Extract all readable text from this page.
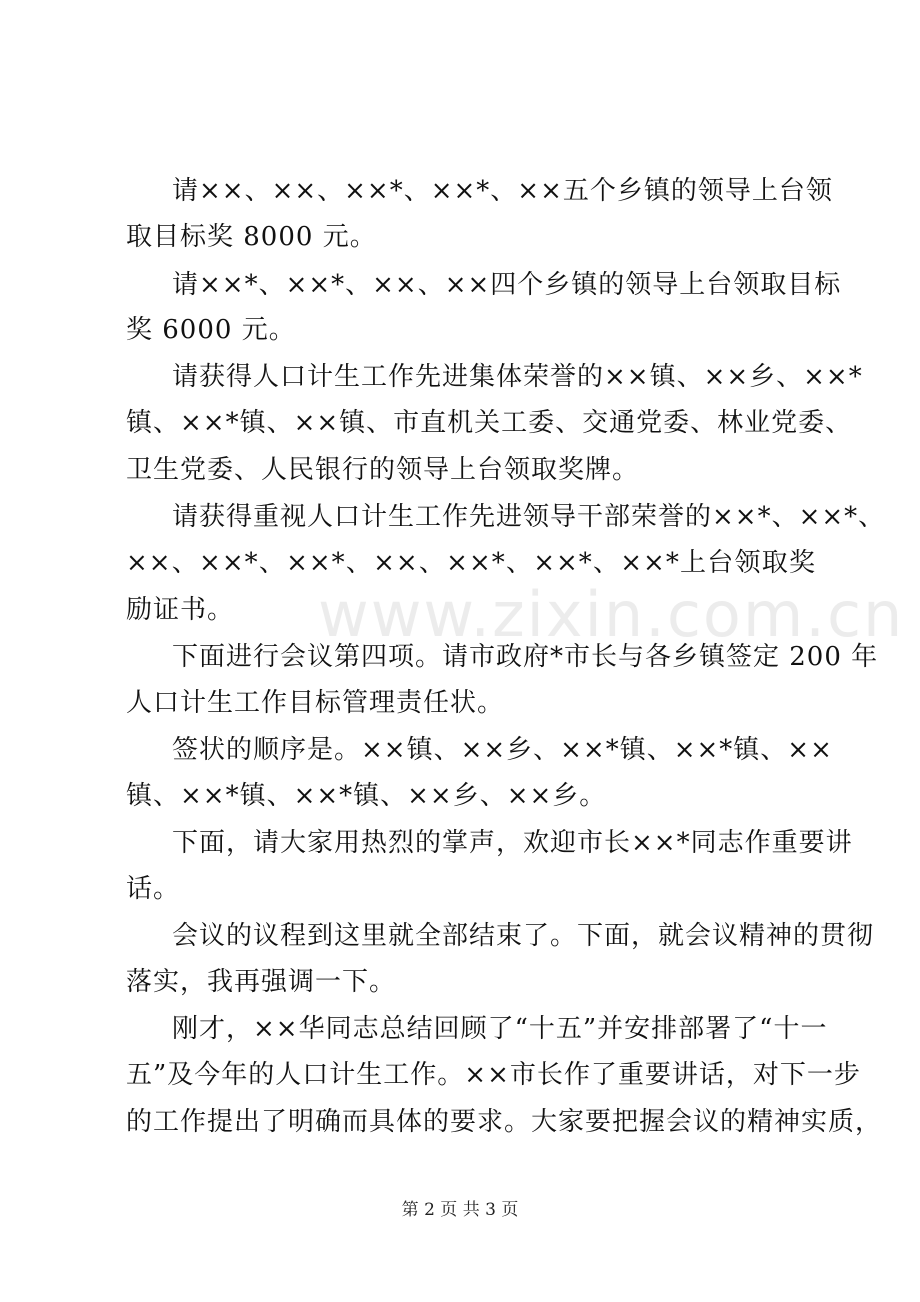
www.zixin.com.cn
请××、××、××*、××*、××五个乡镇的领导上台领
取目标奖 8000 元。
请××*、××*、××、××四个乡镇的领导上台领取目标
奖 6000 元。
请获得人口计生工作先进集体荣誉的××镇、××乡、××*
镇、××*镇、××镇、市直机关工委、交通党委、林业党委、
卫生党委、人民银行的领导上台领取奖牌。
请获得重视人口计生工作先进领导干部荣誉的××*、××*、
××、××*、××*、××、××*、××*、××*上台领取奖
励证书。
下面进行会议第四项。请市政府*市长与各乡镇签定 200 年
人口计生工作目标管理责任状。
签状的顺序是。××镇、××乡、××*镇、××*镇、××
镇、××*镇、××*镇、××乡、××乡。
下面，请大家用热烈的掌声，欢迎市长××*同志作重要讲
话。
会议的议程到这里就全部结束了。下面，就会议精神的贯彻
落实，我再强调一下。
刚才，××华同志总结回顾了“十五”并安排部署了“十一
五”及今年的人口计生工作。××市长作了重要讲话，对下一步
的工作提出了明确而具体的要求。大家要把握会议的精神实质，
第 2 页 共 3 页
